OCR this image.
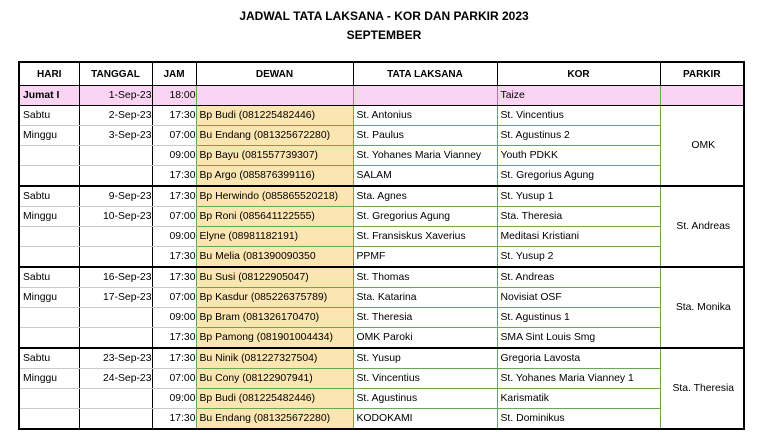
JADWAL TATA LAKSANA - KOR DAN PARKIR 2023
SEPTEMBER
HARI	TANGGAL	JAM	DEWAN	TATA LAKSANA	KOR	PARKIR
Jumat I	1-Sep-23	18:00			Taize	
Sabtu	2-Sep-23	17:30	Bp Budi (081225482446)	St. Antonius	St. Vincentius	OMK
Minggu	3-Sep-23	07:00	Bu Endang (081325672280)	St. Paulus	St. Agustinus 2	
		09:00	Bp Bayu (081557739307)	St. Yohanes Maria Vianney	Youth PDKK	
		17:30	Bp Argo (085876399116)	SALAM	St. Gregorius Agung	
Sabtu	9-Sep-23	17:30	Bp Herwindo (085865520218)	Sta. Agnes	St. Yusup 1	St. Andreas
Minggu	10-Sep-23	07:00	Bp Roni (085641122555)	St. Gregorius Agung	Sta. Theresia	
		09:00	Elyne (08981182191)	St. Fransiskus Xaverius	Meditasi Kristiani	
		17:30	Bu Melia (081390090350	PPMF	St. Yusup 2	
Sabtu	16-Sep-23	17:30	Bu Susi (08122905047)	St. Thomas	St. Andreas	Sta. Monika
Minggu	17-Sep-23	07:00	Bp Kasdur (085226375789)	Sta. Katarina	Novisiat OSF	
		09:00	Bp Bram (081326170470)	St. Theresia	St. Agustinus 1	
		17:30	Bp Pamong (081901004434)	OMK Paroki	SMA Sint Louis Smg	
Sabtu	23-Sep-23	17:30	Bu Ninik (081227327504)	St. Yusup	Gregoria Lavosta	Sta. Theresia
Minggu	24-Sep-23	07:00	Bu Cony (08122907941)	St. Vincentius	St. Yohanes Maria Vianney 1	
		09:00	Bp Budi (081225482446)	St. Agustinus	Karismatik	
		17:30	Bu Endang (081325672280)	KODOKAMI	St. Dominikus	
